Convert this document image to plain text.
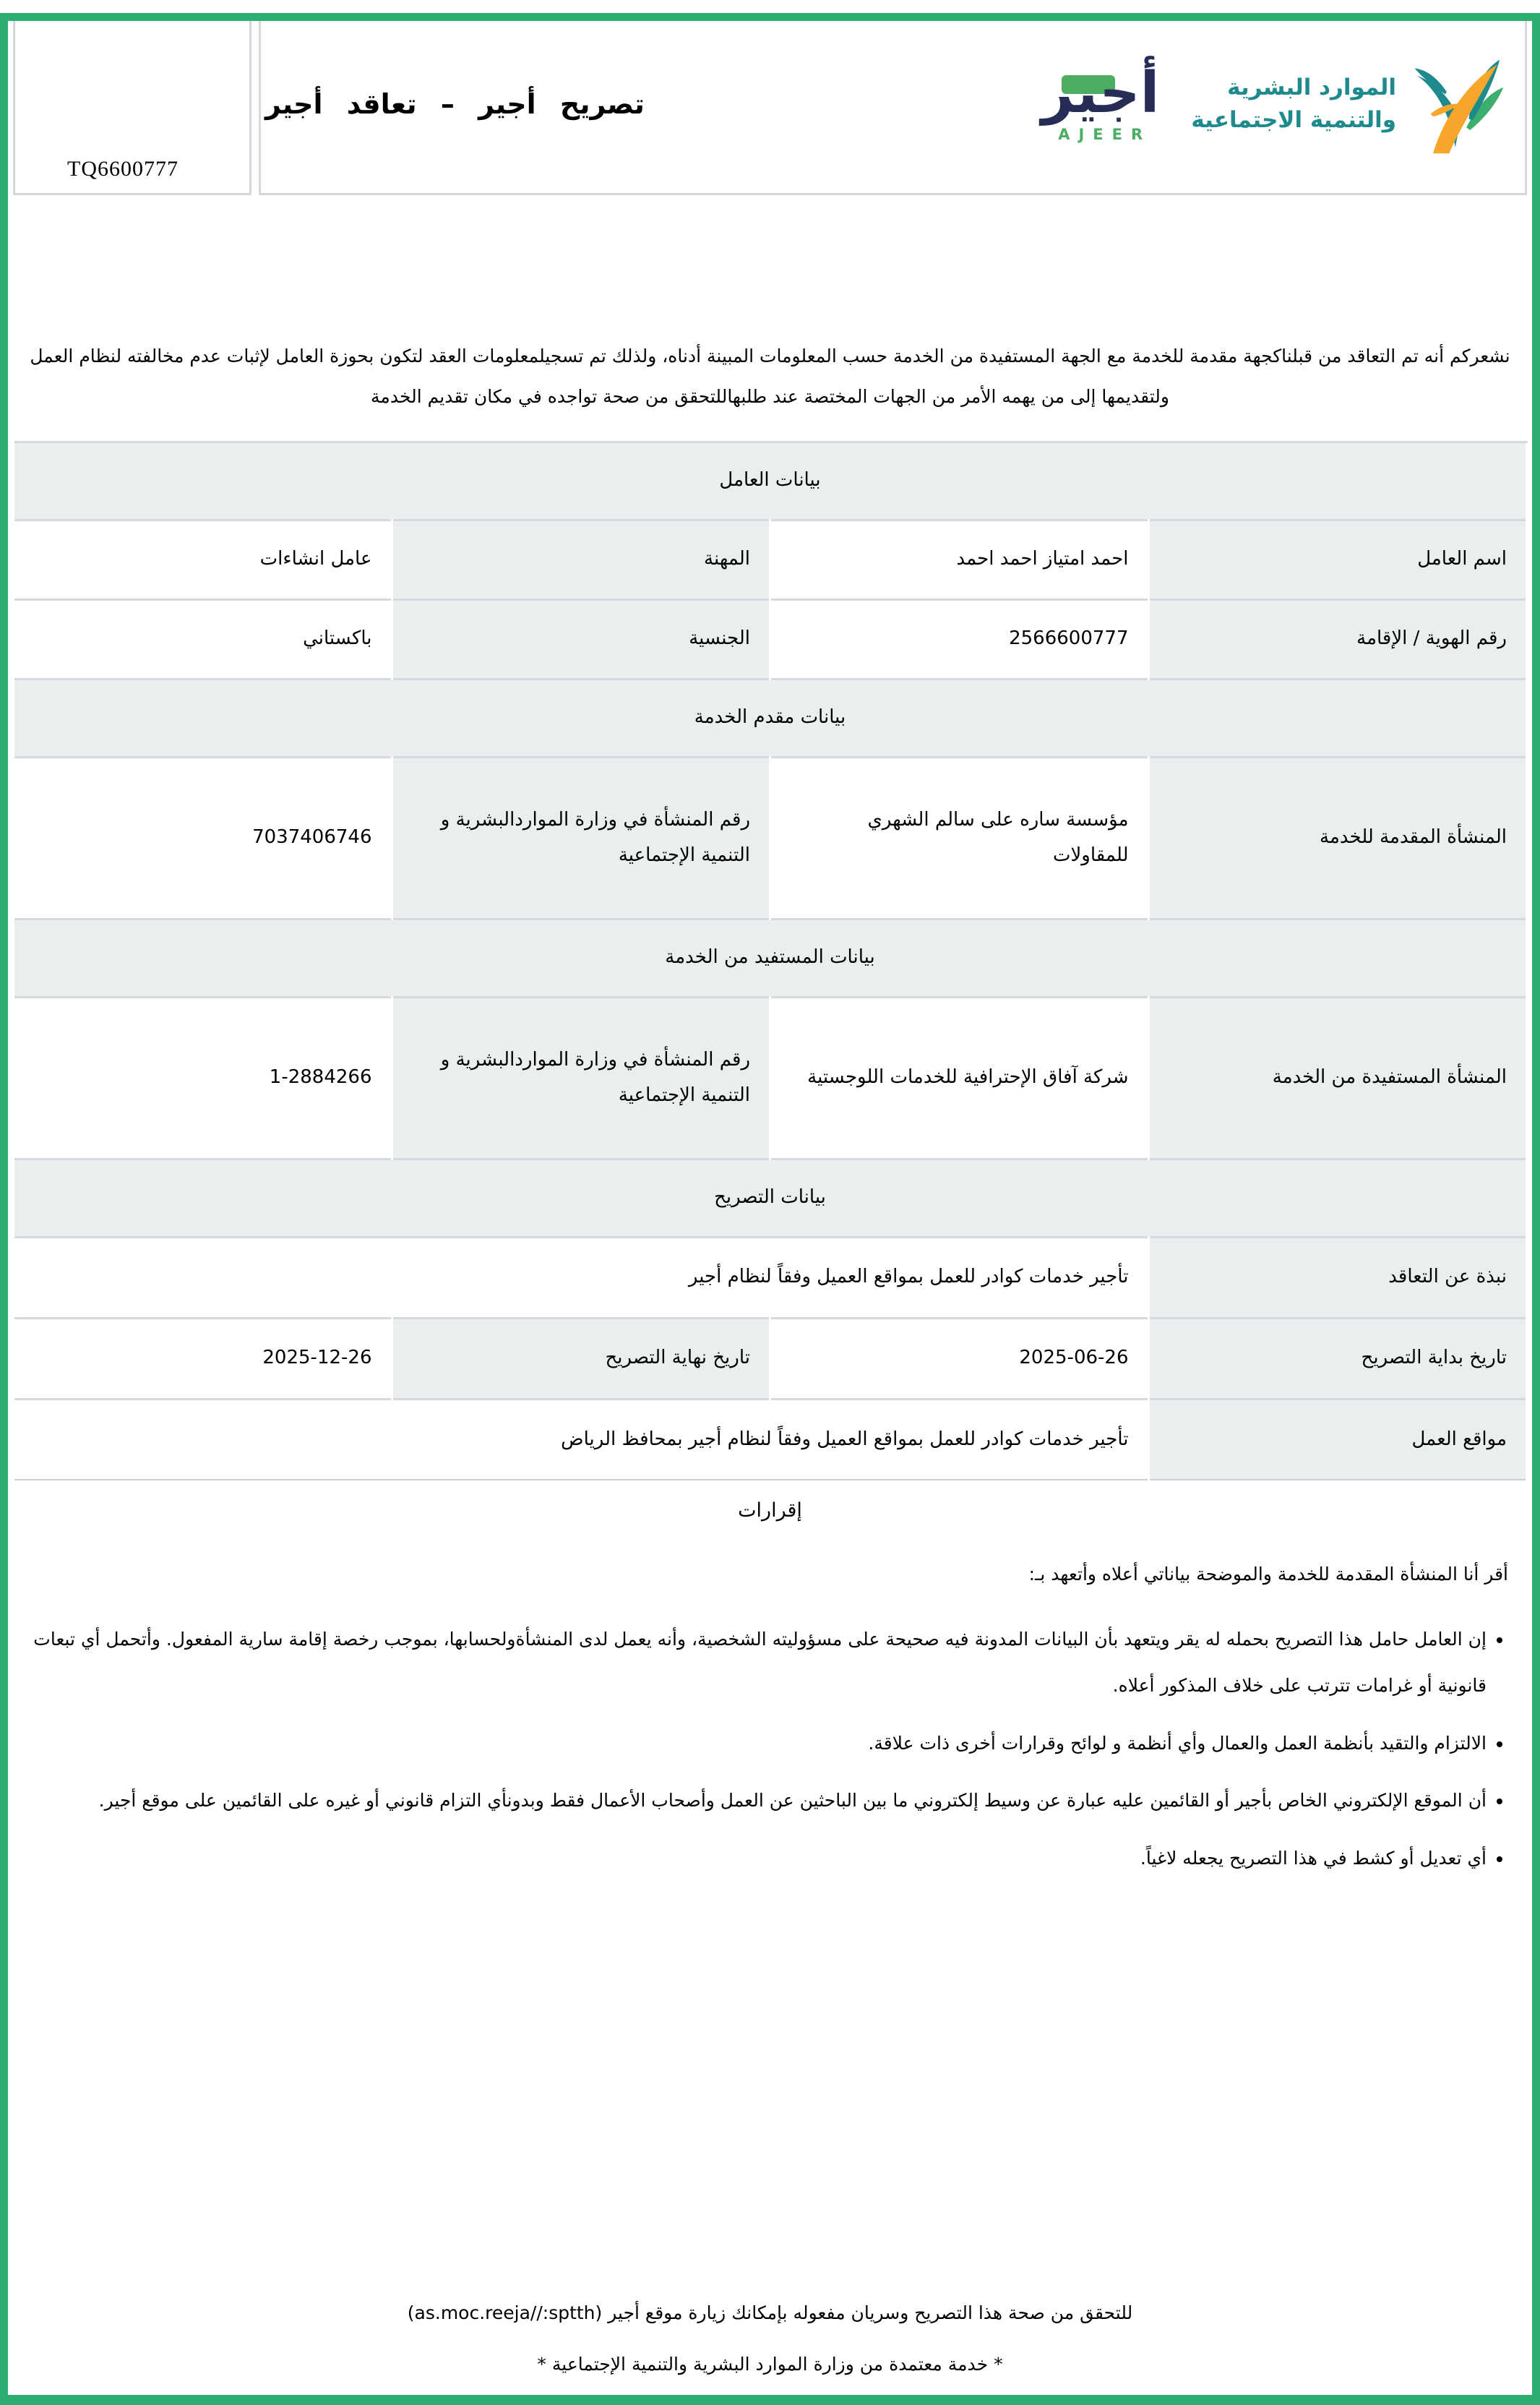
TQ6600777
تصريح أجير – تعاقد أجير	أجير
AJEER
الموارد البشرية
والتنمية الاجتماعية

نشعركم أنه تم التعاقد من قبلناكجهة مقدمة للخدمة مع الجهة المستفيدة من الخدمة حسب المعلومات المبينة أدناه، ولذلك تم تسجيلمعلومات العقد لتكون بحوزة العامل لإثبات عدم مخالفته لنظام العمل ولتقديمها إلى من يهمه الأمر من الجهات المختصة عند طلبهاللتحقق من صحة تواجده في مكان تقديم الخدمة

بيانات العامل			
اسم العامل	احمد امتياز احمد احمد	المهنة	عامل انشاءات
رقم الهوية / الإقامة	2566600777	الجنسية	باكستاني
بيانات مقدم الخدمة			
المنشأة المقدمة للخدمة	مؤسسة ساره على سالم الشهري للمقاولات	رقم المنشأة في وزارة المواردالبشرية و التنمية الإجتماعية	7037406746
بيانات المستفيد من الخدمة			
المنشأة المستفيدة من الخدمة	شركة آفاق الإحترافية للخدمات اللوجستية	رقم المنشأة في وزارة المواردالبشرية و التنمية الإجتماعية	1-2884266
بيانات التصريح			
نبذة عن التعاقد	تأجير خدمات كوادر للعمل بمواقع العميل وفقاً لنظام أجير		
تاريخ بداية التصريح	2025-06-26	تاريخ نهاية التصريح	2025-12-26
مواقع العمل	تأجير خدمات كوادر للعمل بمواقع العميل وفقاً لنظام أجير بمحافظ الرياض		
إقرارات

أقر أنا المنشأة المقدمة للخدمة والموضحة بياناتي أعلاه وأتعهد بـ:

• إن العامل حامل هذا التصريح بحمله له يقر ويتعهد بأن البيانات المدونة فيه صحيحة على مسؤوليته الشخصية، وأنه يعمل لدى المنشأةولحسابها، بموجب رخصة إقامة سارية المفعول. وأتحمل أي تبعات قانونية أو غرامات تترتب على خلاف المذكور أعلاه.
• الالتزام والتقيد بأنظمة العمل والعمال وأي أنظمة و لوائح وقرارات أخرى ذات علاقة.
• أن الموقع الإلكتروني الخاص بأجير أو القائمين عليه عبارة عن وسيط إلكتروني ما بين الباحثين عن العمل وأصحاب الأعمال فقط وبدونأي التزام قانوني أو غيره على القائمين على موقع أجير.
• أي تعديل أو كشط في هذا التصريح يجعله لاغياً.
للتحقق من صحة هذا التصريح وسريان مفعوله بإمكانك زيارة موقع أجير (as.moc.reeja//:sptth)
* خدمة معتمدة من وزارة الموارد البشرية والتنمية الإجتماعية *
